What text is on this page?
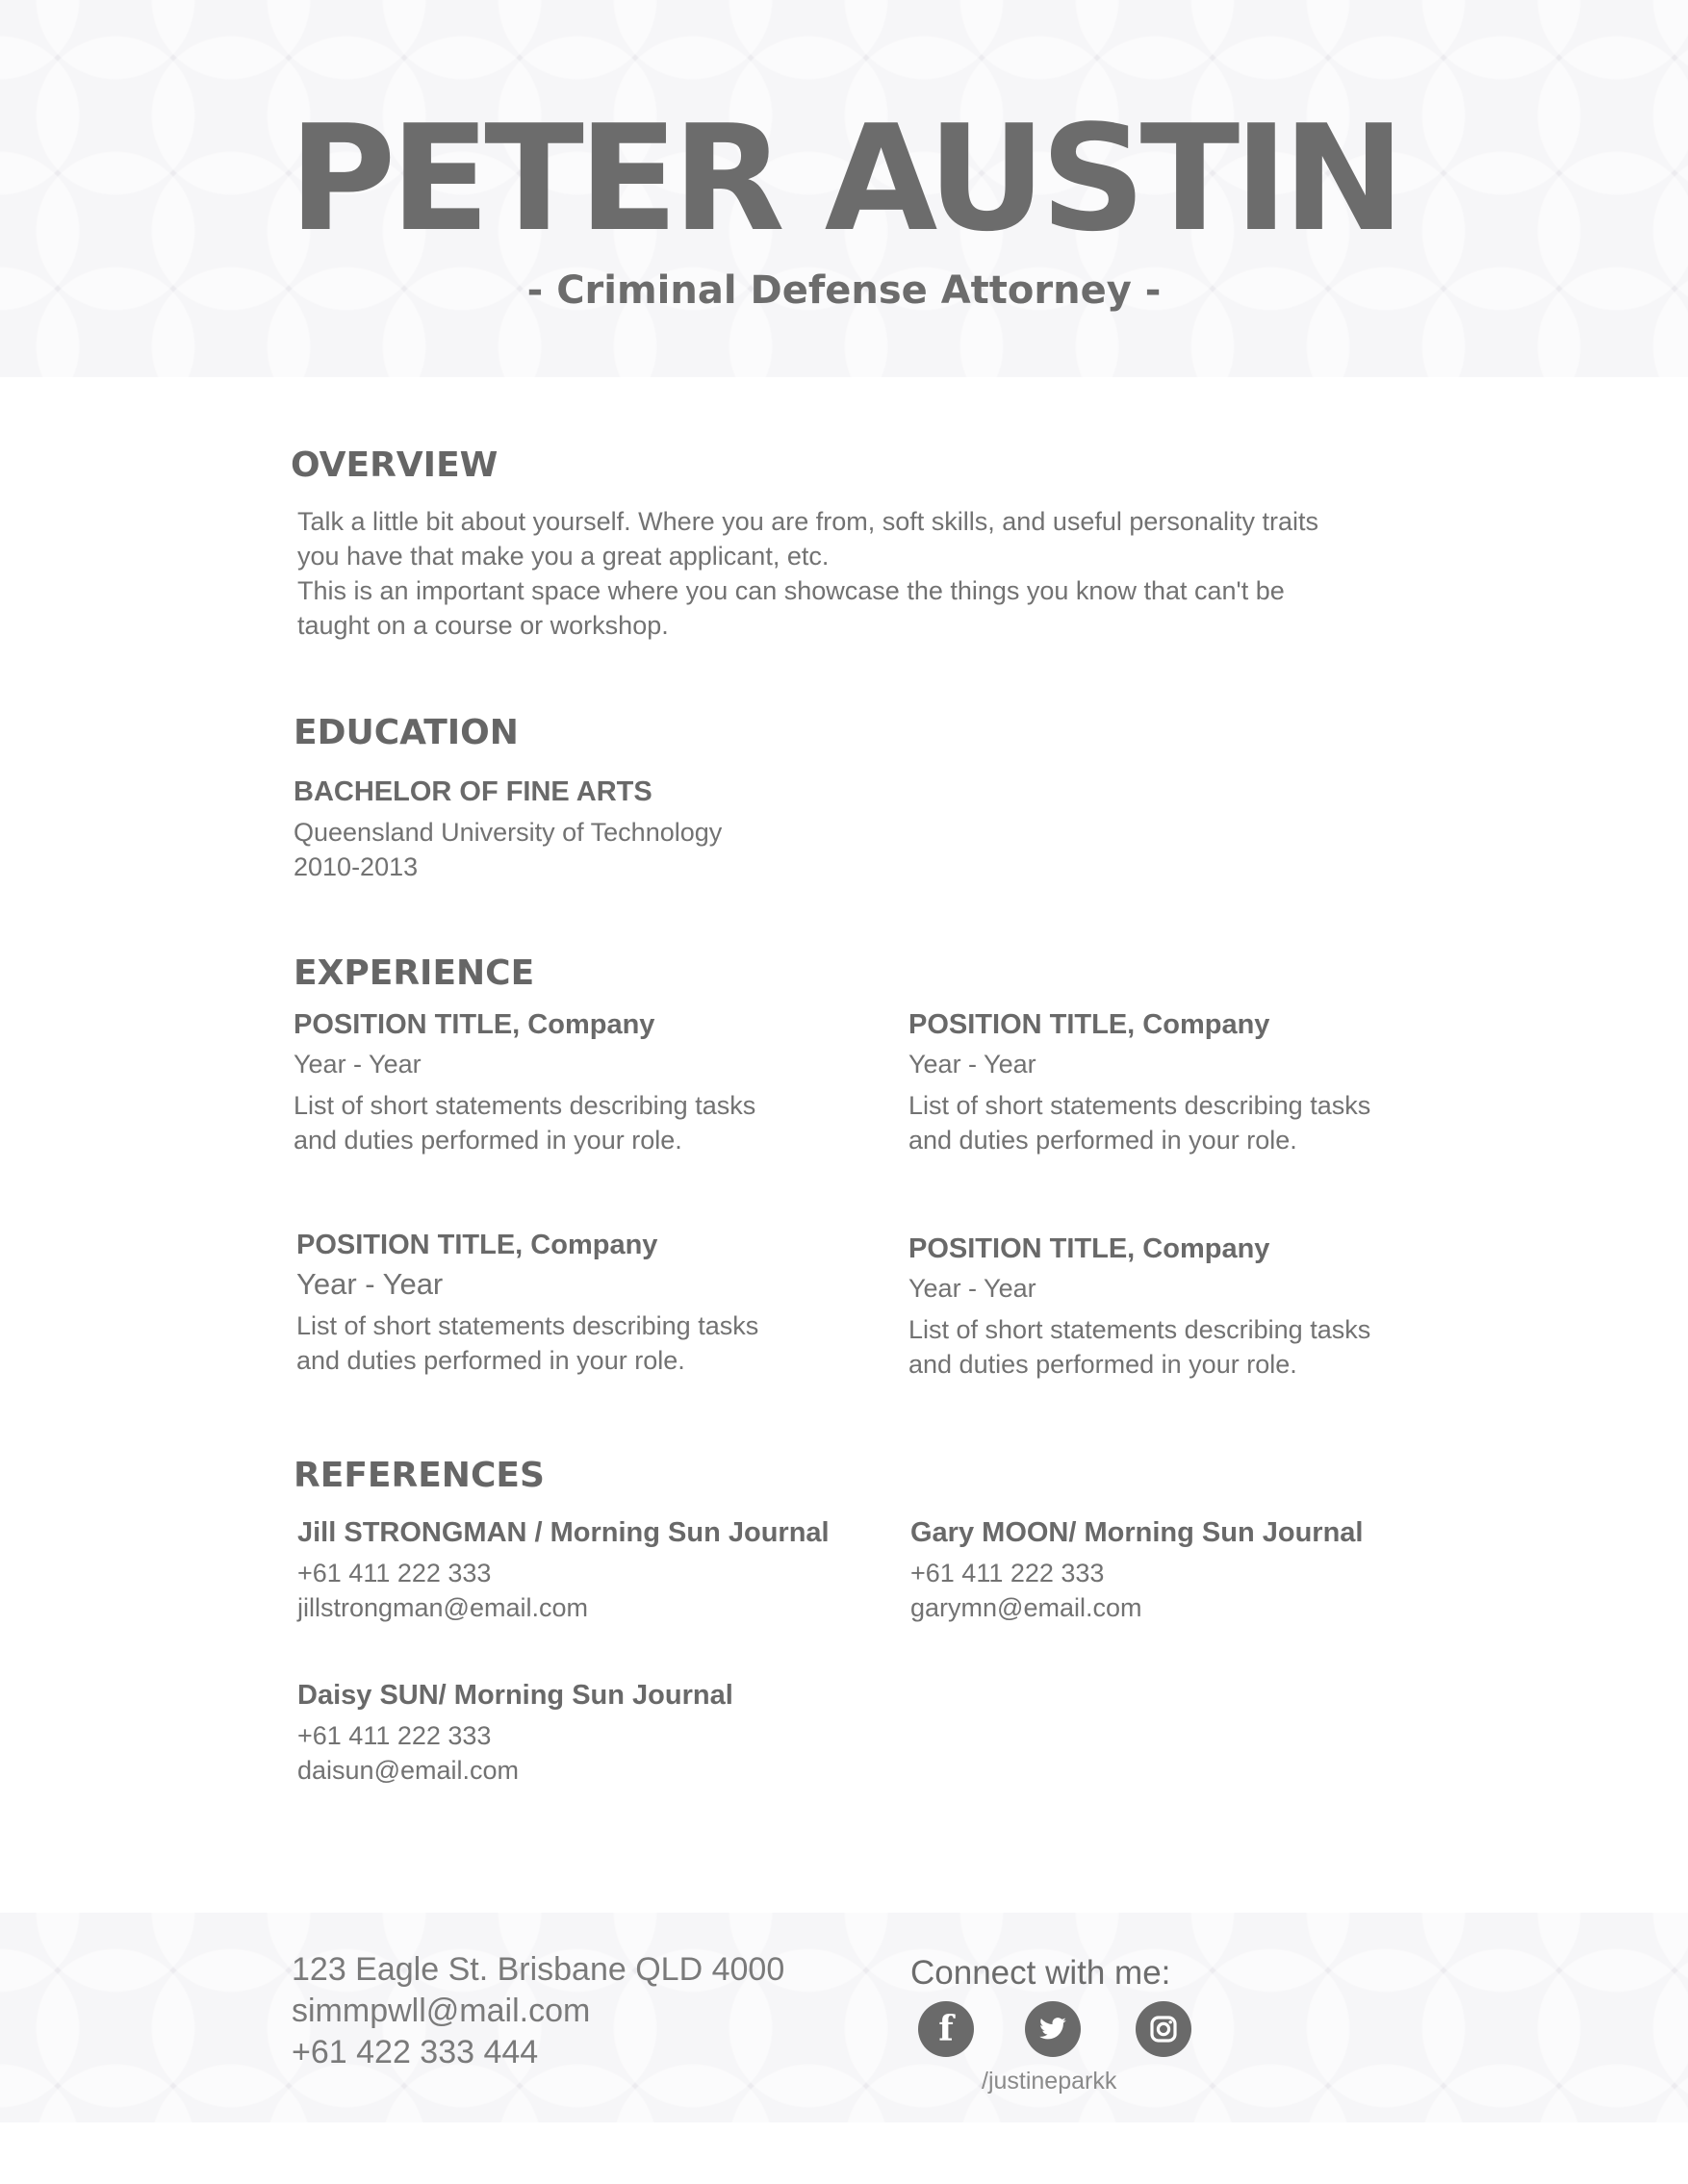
PETER AUSTIN
- Criminal Defense Attorney -
OVERVIEW
Talk a little bit about yourself. Where you are from, soft skills, and useful personality traits
you have that make you a great applicant, etc.
This is an important space where you can showcase the things you know that can't be
taught on a course or workshop.
EDUCATION
BACHELOR OF FINE ARTS
Queensland University of Technology
2010-2013
EXPERIENCE
POSITION TITLE, Company
Year - Year
List of short statements describing tasks
and duties performed in your role.
POSITION TITLE, Company
Year - Year
List of short statements describing tasks
and duties performed in your role.
POSITION TITLE, Company
Year - Year
List of short statements describing tasks
and duties performed in your role.
POSITION TITLE, Company
Year - Year
List of short statements describing tasks
and duties performed in your role.
REFERENCES
Jill STRONGMAN / Morning Sun Journal
+61 411 222 333
jillstrongman@email.com
Gary MOON/ Morning Sun Journal
+61 411 222 333
garymn@email.com
Daisy SUN/ Morning Sun Journal
+61 411 222 333
daisun@email.com
123 Eagle St. Brisbane QLD 4000
simmpwll@mail.com
+61 422 333 444
Connect with me:
f
/justineparkk
